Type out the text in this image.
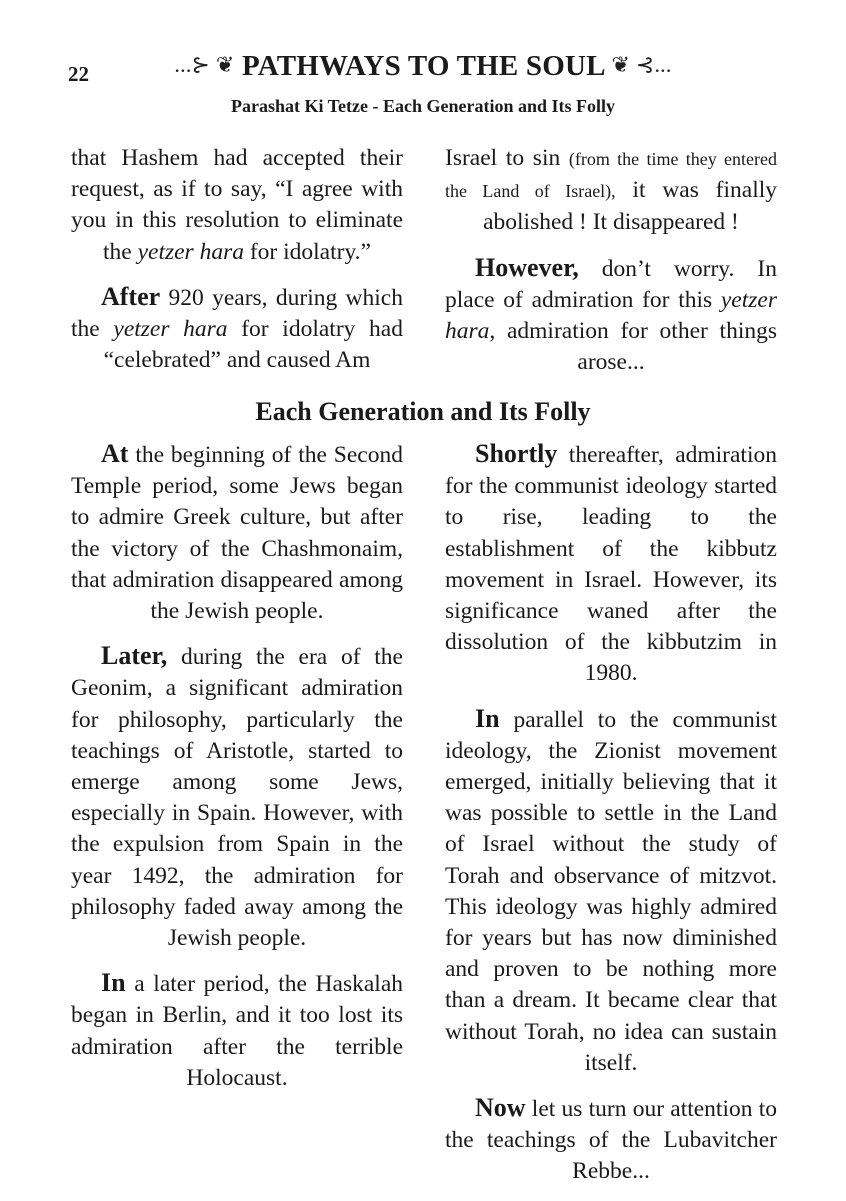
22	...⊱ ❦ PATHWAYS TO THE SOUL ❦ ⊰...
Parashat Ki Tetze - Each Generation and Its Folly

that Hashem had accepted their request, as if to say, “I agree with you in this resolution to eliminate the yetzer hara for idolatry.”

After 920 years, during which the yetzer hara for idolatry had “celebrated” and caused Am

Israel to sin (from the time they entered the Land of Israel), it was finally abolished ! It disappeared !

However, don’t worry. In place of admiration for this yetzer hara, admiration for other things arose...

Each Generation and Its Folly

At the beginning of the Second Temple period, some Jews began to admire Greek culture, but after the victory of the Chashmonaim, that admiration disappeared among the Jewish people.

Later, during the era of the Geonim, a significant admiration for philosophy, particularly the teachings of Aristotle, started to emerge among some Jews, especially in Spain. However, with the expulsion from Spain in the year 1492, the admiration for philosophy faded away among the Jewish people.

In a later period, the Haskalah began in Berlin, and it too lost its admiration after the terrible Holocaust.

Shortly thereafter, admiration for the communist ideology started to rise, leading to the establishment of the kibbutz movement in Israel. However, its significance waned after the dissolution of the kibbutzim in 1980.

In parallel to the communist ideology, the Zionist movement emerged, initially believing that it was possible to settle in the Land of Israel without the study of Torah and observance of mitzvot. This ideology was highly admired for years but has now diminished and proven to be nothing more than a dream. It became clear that without Torah, no idea can sustain itself.

Now let us turn our attention to the teachings of the Lubavitcher Rebbe...
